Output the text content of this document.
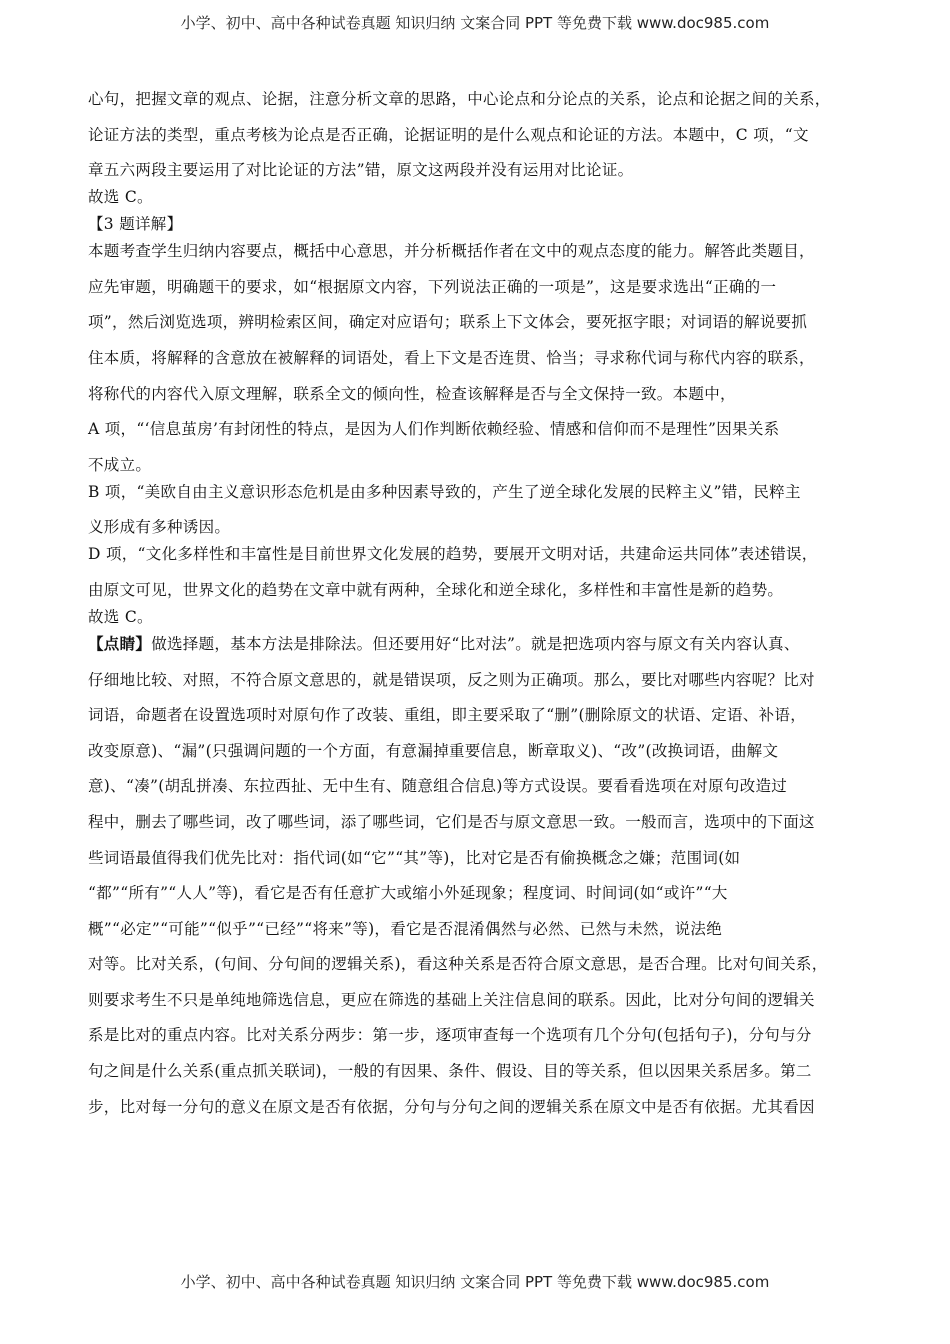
小学、初中、高中各种试卷真题 知识归纳 文案合同 PPT 等免费下载 www.doc985.com
心句，把握文章的观点、论据，注意分析文章的思路，中心论点和分论点的关系，论点和论据之间的关系，
论证方法的类型，重点考核为论点是否正确，论据证明的是什么观点和论证的方法。本题中，C 项，“文
章五六两段主要运用了对比论证的方法”错，原文这两段并没有运用对比论证。
故选 C。
【3 题详解】
本题考查学生归纳内容要点，概括中心意思，并分析概括作者在文中的观点态度的能力。解答此类题目，
应先审题，明确题干的要求，如“根据原文内容，下列说法正确的一项是”，这是要求选出“正确的一
项”，然后浏览选项，辨明检索区间，确定对应语句；联系上下文体会，要死抠字眼；对词语的解说要抓
住本质，将解释的含意放在被解释的词语处，看上下文是否连贯、恰当；寻求称代词与称代内容的联系，
将称代的内容代入原文理解，联系全文的倾向性，检查该解释是否与全文保持一致。本题中，
A 项，“‘信息茧房’有封闭性的特点，是因为人们作判断依赖经验、情感和信仰而不是理性”因果关系
不成立。
B 项，“美欧自由主义意识形态危机是由多种因素导致的，产生了逆全球化发展的民粹主义”错，民粹主
义形成有多种诱因。
D 项，“文化多样性和丰富性是目前世界文化发展的趋势，要展开文明对话，共建命运共同体”表述错误，
由原文可见，世界文化的趋势在文章中就有两种，全球化和逆全球化，多样性和丰富性是新的趋势。
故选 C。
【点睛】做选择题，基本方法是排除法。但还要用好“比对法”。就是把选项内容与原文有关内容认真、
仔细地比较、对照，不符合原文意思的，就是错误项，反之则为正确项。那么，要比对哪些内容呢？比对
词语，命题者在设置选项时对原句作了改装、重组，即主要采取了“删”(删除原文的状语、定语、补语，
改变原意)、“漏”(只强调问题的一个方面，有意漏掉重要信息，断章取义)、“改”(改换词语，曲解文
意)、“凑”(胡乱拼凑、东拉西扯、无中生有、随意组合信息)等方式设误。要看看选项在对原句改造过
程中，删去了哪些词，改了哪些词，添了哪些词，它们是否与原文意思一致。一般而言，选项中的下面这
些词语最值得我们优先比对：指代词(如“它”“其”等)，比对它是否有偷换概念之嫌；范围词(如
“都”“所有”“人人”等)，看它是否有任意扩大或缩小外延现象；程度词、时间词(如“或许”“大
概”“必定”“可能”“似乎”“已经”“将来”等)，看它是否混淆偶然与必然、已然与未然，说法绝
对等。比对关系，(句间、分句间的逻辑关系)，看这种关系是否符合原文意思，是否合理。比对句间关系，
则要求考生不只是单纯地筛选信息，更应在筛选的基础上关注信息间的联系。因此，比对分句间的逻辑关
系是比对的重点内容。比对关系分两步：第一步，逐项审查每一个选项有几个分句(包括句子)，分句与分
句之间是什么关系(重点抓关联词)，一般的有因果、条件、假设、目的等关系，但以因果关系居多。第二
步，比对每一分句的意义在原文是否有依据，分句与分句之间的逻辑关系在原文中是否有依据。尤其看因
小学、初中、高中各种试卷真题 知识归纳 文案合同 PPT 等免费下载 www.doc985.com
